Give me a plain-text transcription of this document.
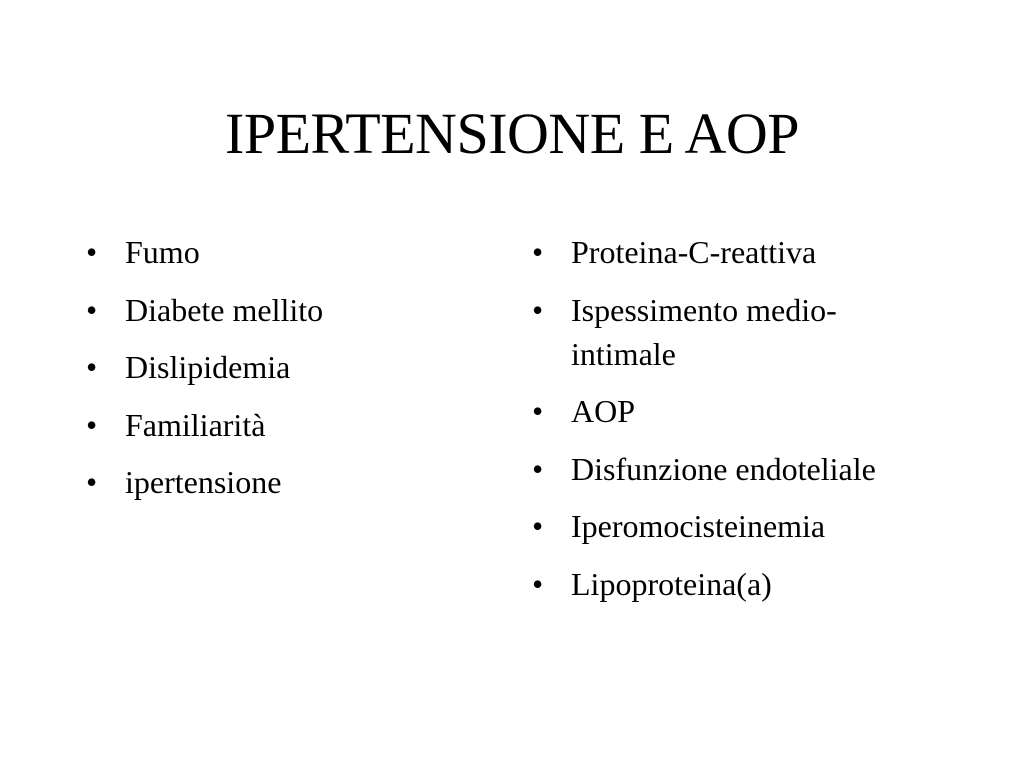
IPERTENSIONE E AOP
• Fumo
• Diabete mellito
• Dislipidemia
• Familiarità
• ipertensione
• Proteina-C-reattiva
• Ispessimento medio-intimale
• AOP
• Disfunzione endoteliale
• Iperomocisteinemia
• Lipoproteina(a)
